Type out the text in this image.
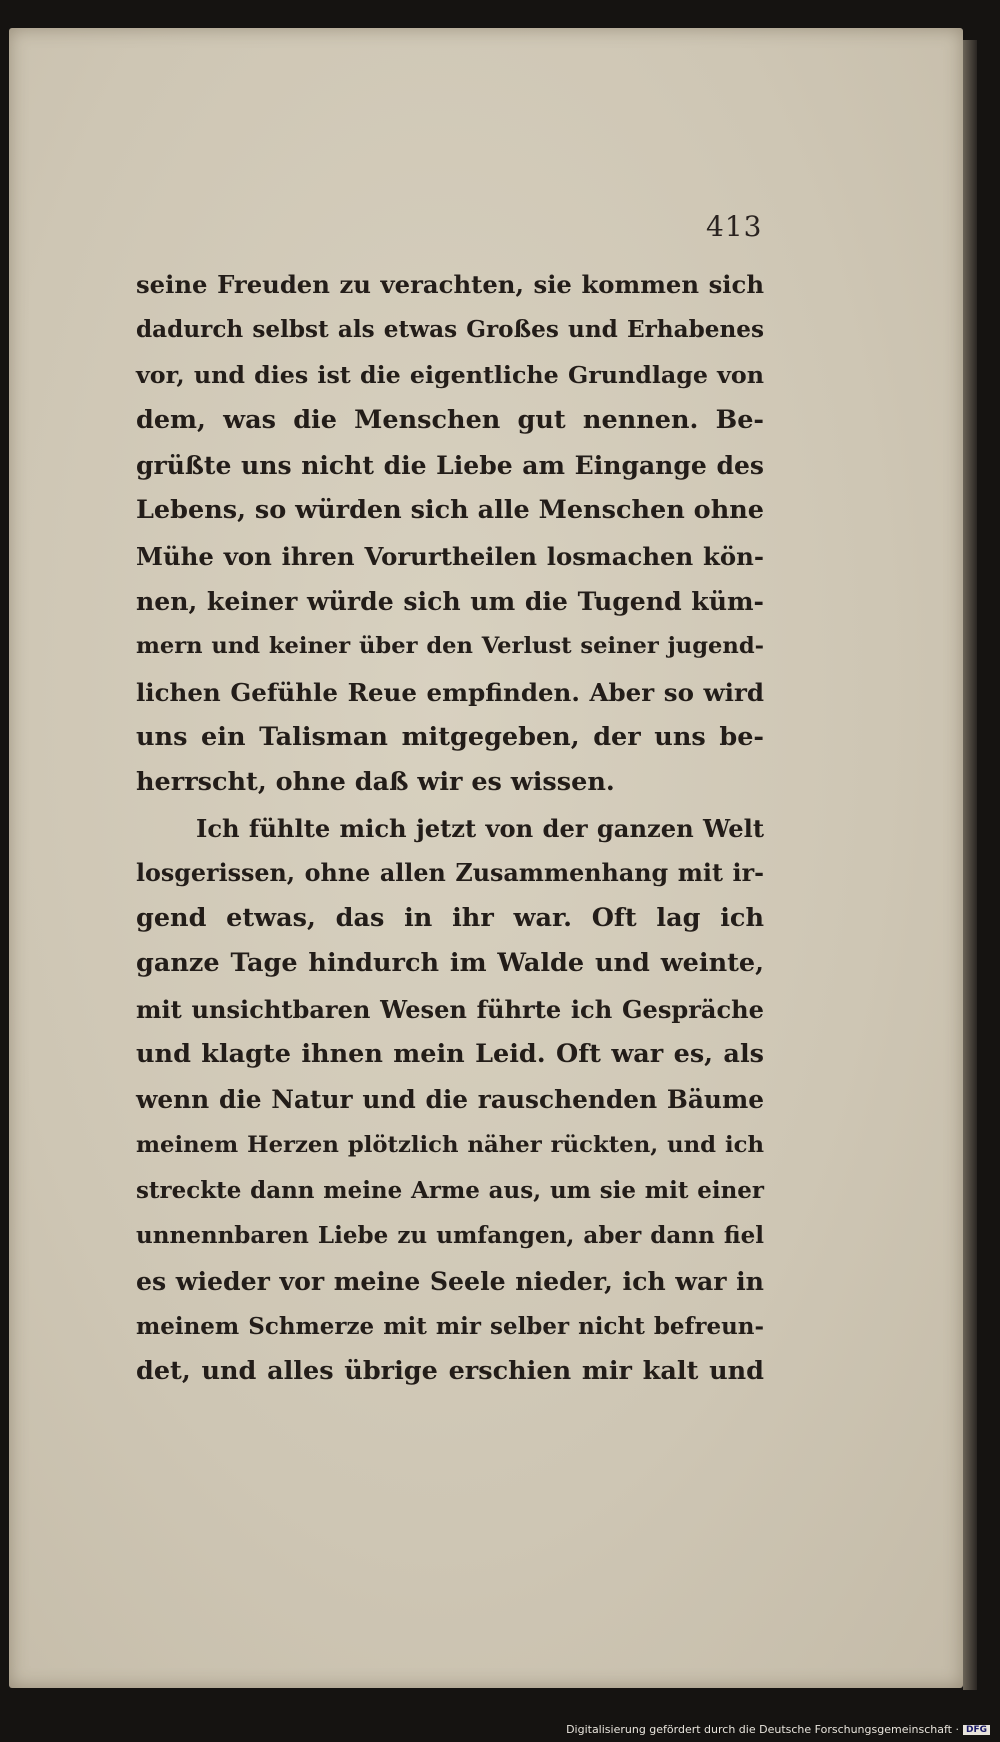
413
seine Freuden zu verachten, sie kommen sich
dadurch selbst als etwas Großes und Erhabenes
vor, und dies ist die eigentliche Grundlage von
dem, was die Menschen gut nennen. Be-
grüßte uns nicht die Liebe am Eingange des
Lebens, so würden sich alle Menschen ohne
Mühe von ihren Vorurtheilen losmachen kön-
nen, keiner würde sich um die Tugend küm-
mern und keiner über den Verlust seiner jugend-
lichen Gefühle Reue empfinden. Aber so wird
uns ein Talisman mitgegeben, der uns be-
herrscht, ohne daß wir es wissen.
Ich fühlte mich jetzt von der ganzen Welt
losgerissen, ohne allen Zusammenhang mit ir-
gend etwas, das in ihr war. Oft lag ich
ganze Tage hindurch im Walde und weinte,
mit unsichtbaren Wesen führte ich Gespräche
und klagte ihnen mein Leid. Oft war es, als
wenn die Natur und die rauschenden Bäume
meinem Herzen plötzlich näher rückten, und ich
streckte dann meine Arme aus, um sie mit einer
unnennbaren Liebe zu umfangen, aber dann fiel
es wieder vor meine Seele nieder, ich war in
meinem Schmerze mit mir selber nicht befreun-
det, und alles übrige erschien mir kalt und
Digitalisierung gefördert durch die Deutsche Forschungsgemeinschaft · DFG
